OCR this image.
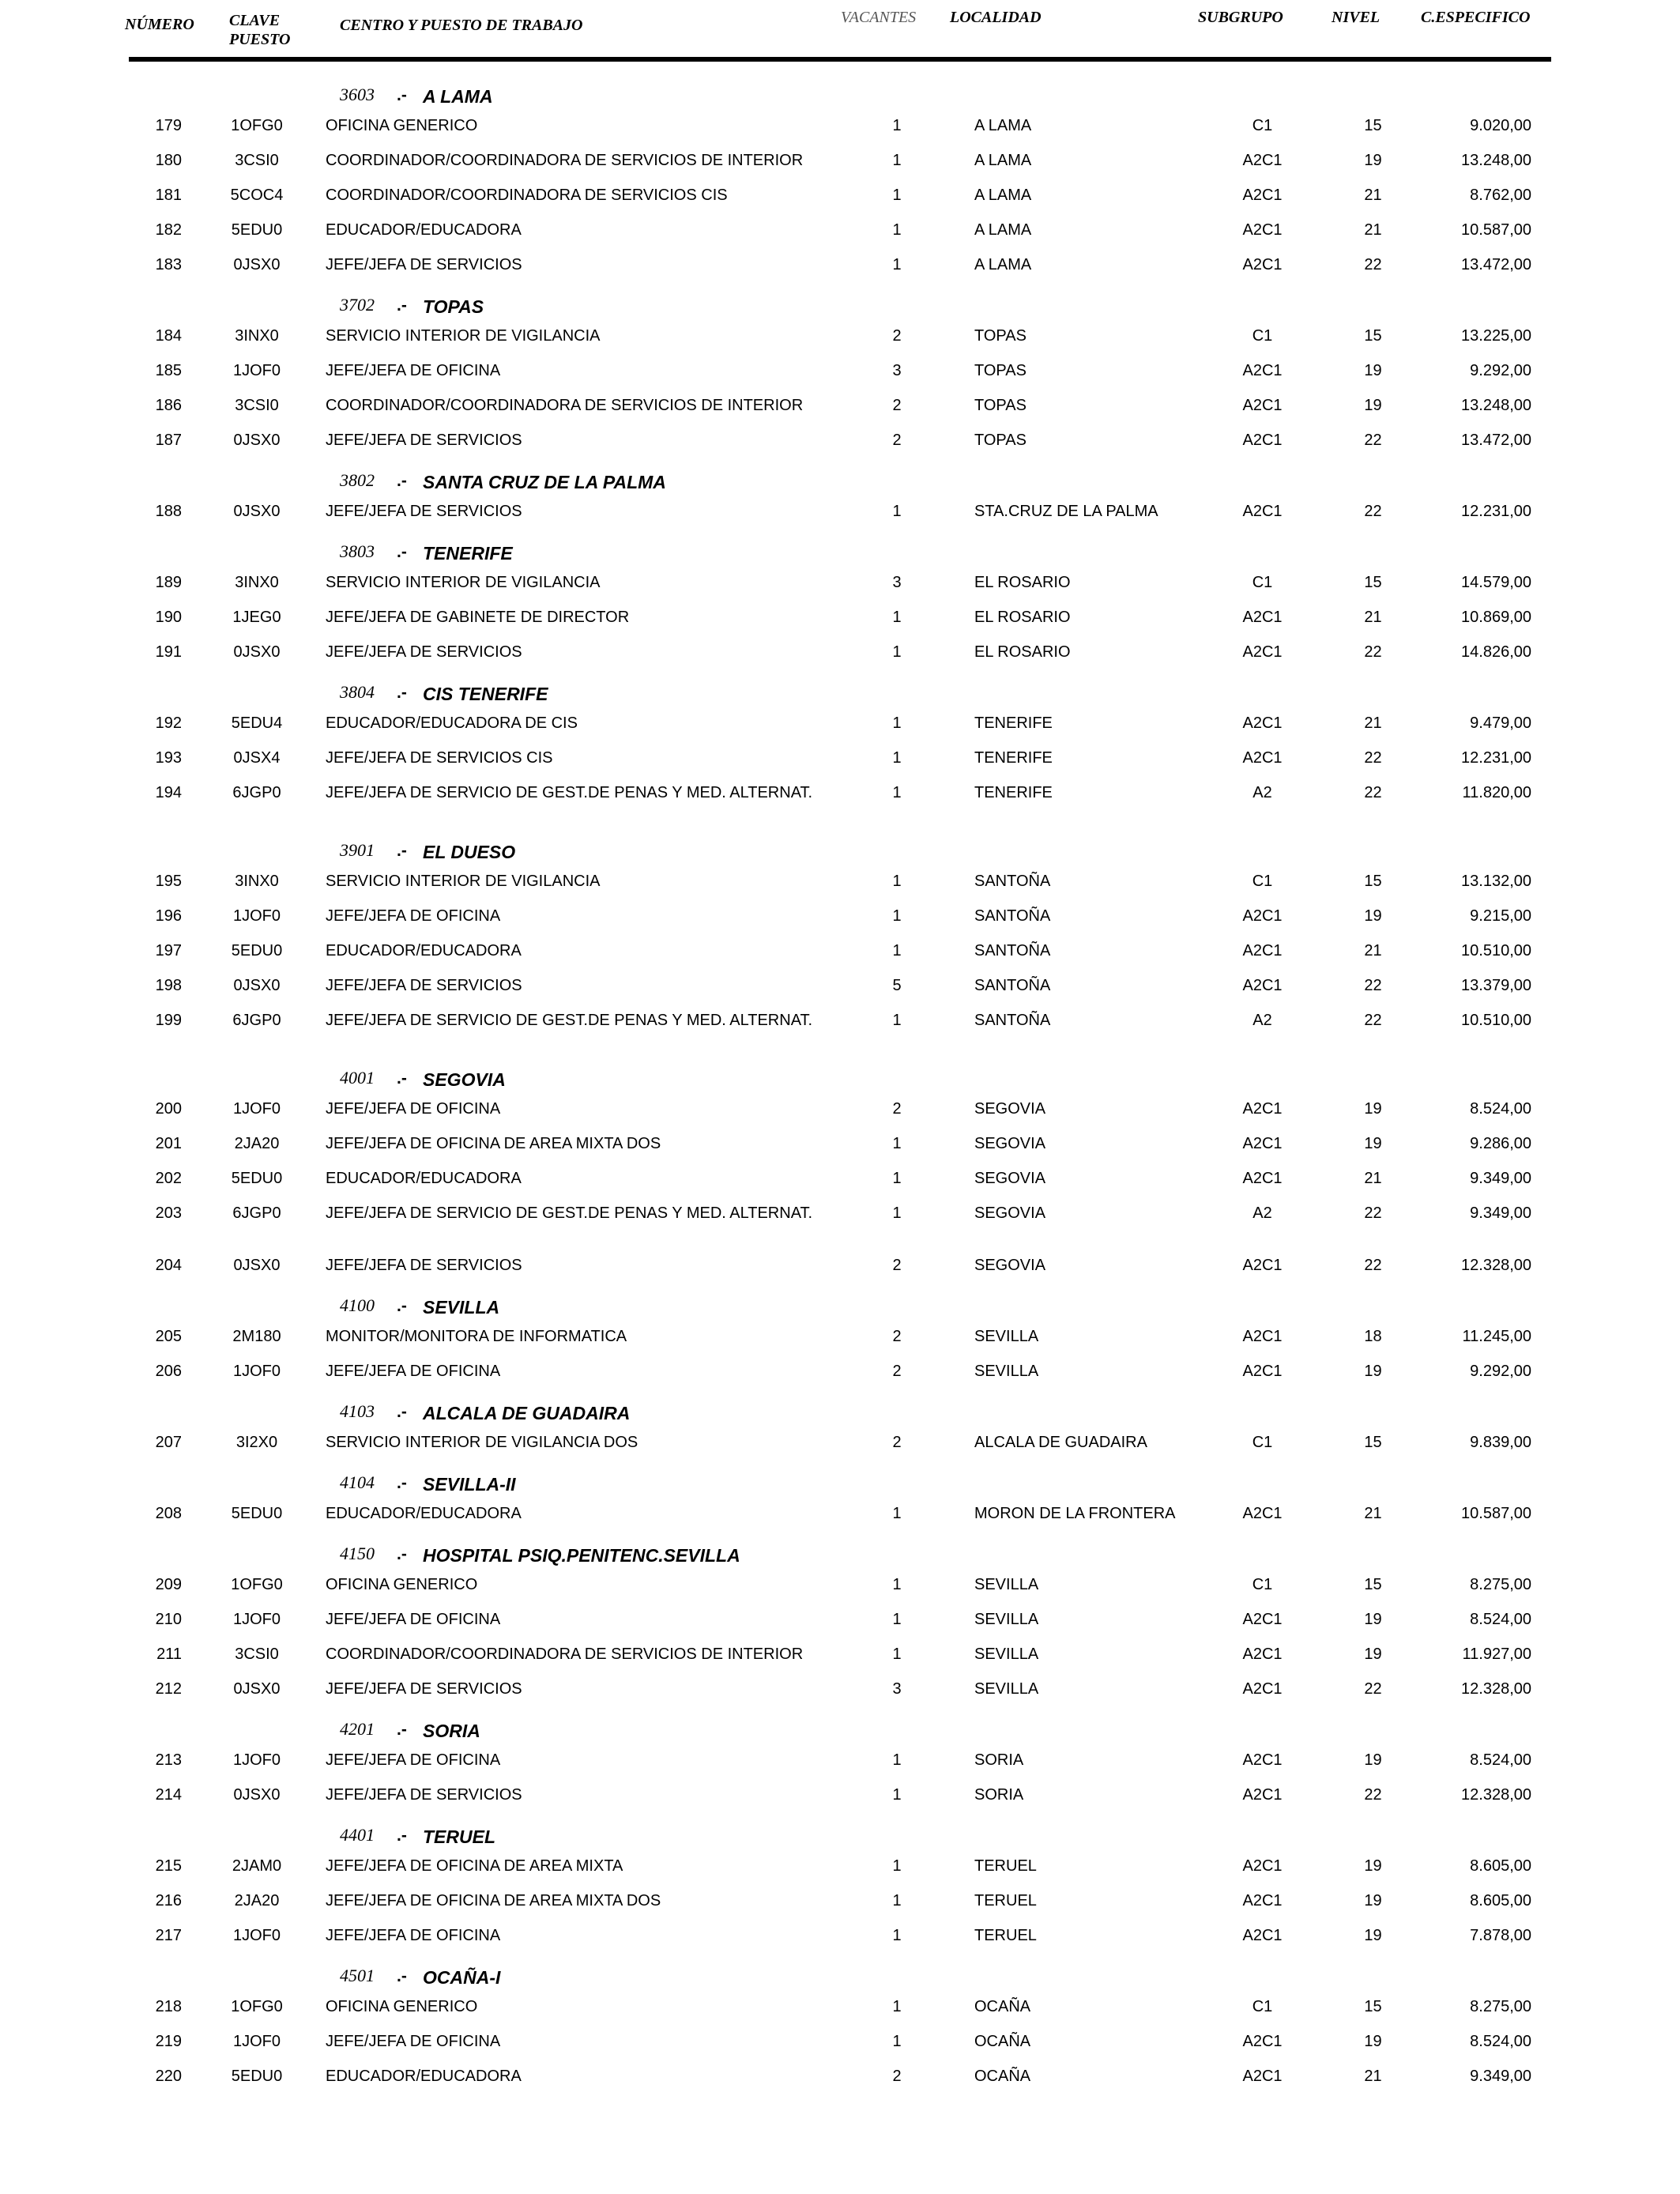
NÚMERO CLAVE
PUESTO
CENTRO Y PUESTO DE TRABAJO	VACANTES LOCALIDAD	SUBGRUPO	NIVEL	C.ESPECIFICO
3603 .- A LAMA
179	1OFG0	OFICINA GENERICO	1	A LAMA	C1	15	9.020,00
180	3CSI0	COORDINADOR/COORDINADORA DE SERVICIOS DE INTERIOR	1	A LAMA	A2C1	19	13.248,00
181	5COC4	COORDINADOR/COORDINADORA DE SERVICIOS CIS	1	A LAMA	A2C1	21	8.762,00
182	5EDU0	EDUCADOR/EDUCADORA	1	A LAMA	A2C1	21	10.587,00
183	0JSX0	JEFE/JEFA DE SERVICIOS	1	A LAMA	A2C1	22	13.472,00
3702 .- TOPAS
184	3INX0	SERVICIO INTERIOR DE VIGILANCIA	2	TOPAS	C1	15	13.225,00
185	1JOF0	JEFE/JEFA DE OFICINA	3	TOPAS	A2C1	19	9.292,00
186	3CSI0	COORDINADOR/COORDINADORA DE SERVICIOS DE INTERIOR	2	TOPAS	A2C1	19	13.248,00
187	0JSX0	JEFE/JEFA DE SERVICIOS	2	TOPAS	A2C1	22	13.472,00
3802 .- SANTA CRUZ DE LA PALMA
188	0JSX0	JEFE/JEFA DE SERVICIOS	1	STA.CRUZ DE LA PALMA	A2C1	22	12.231,00
3803 .- TENERIFE
189	3INX0	SERVICIO INTERIOR DE VIGILANCIA	3	EL ROSARIO	C1	15	14.579,00
190	1JEG0	JEFE/JEFA DE GABINETE DE DIRECTOR	1	EL ROSARIO	A2C1	21	10.869,00
191	0JSX0	JEFE/JEFA DE SERVICIOS	1	EL ROSARIO	A2C1	22	14.826,00
3804 .- CIS TENERIFE
192	5EDU4	EDUCADOR/EDUCADORA DE CIS	1	TENERIFE	A2C1	21	9.479,00
193	0JSX4	JEFE/JEFA DE SERVICIOS CIS	1	TENERIFE	A2C1	22	12.231,00
194	6JGP0	JEFE/JEFA DE SERVICIO DE GEST.DE PENAS Y MED. ALTERNAT.	1	TENERIFE	A2	22	11.820,00
3901 .- EL DUESO
195	3INX0	SERVICIO INTERIOR DE VIGILANCIA	1	SANTOÑA	C1	15	13.132,00
196	1JOF0	JEFE/JEFA DE OFICINA	1	SANTOÑA	A2C1	19	9.215,00
197	5EDU0	EDUCADOR/EDUCADORA	1	SANTOÑA	A2C1	21	10.510,00
198	0JSX0	JEFE/JEFA DE SERVICIOS	5	SANTOÑA	A2C1	22	13.379,00
199	6JGP0	JEFE/JEFA DE SERVICIO DE GEST.DE PENAS Y MED. ALTERNAT.	1	SANTOÑA	A2	22	10.510,00
4001 .- SEGOVIA
200	1JOF0	JEFE/JEFA DE OFICINA	2	SEGOVIA	A2C1	19	8.524,00
201	2JA20	JEFE/JEFA DE OFICINA DE AREA MIXTA DOS	1	SEGOVIA	A2C1	19	9.286,00
202	5EDU0	EDUCADOR/EDUCADORA	1	SEGOVIA	A2C1	21	9.349,00
203	6JGP0	JEFE/JEFA DE SERVICIO DE GEST.DE PENAS Y MED. ALTERNAT.	1	SEGOVIA	A2	22	9.349,00
204	0JSX0	JEFE/JEFA DE SERVICIOS	2	SEGOVIA	A2C1	22	12.328,00
4100 .- SEVILLA
205	2M180	MONITOR/MONITORA DE INFORMATICA	2	SEVILLA	A2C1	18	11.245,00
206	1JOF0	JEFE/JEFA DE OFICINA	2	SEVILLA	A2C1	19	9.292,00
4103 .- ALCALA DE GUADAIRA
207	3I2X0	SERVICIO INTERIOR DE VIGILANCIA DOS	2	ALCALA DE GUADAIRA	C1	15	9.839,00
4104 .- SEVILLA-II
208	5EDU0	EDUCADOR/EDUCADORA	1	MORON DE LA FRONTERA	A2C1	21	10.587,00
4150 .- HOSPITAL PSIQ.PENITENC.SEVILLA
209	1OFG0	OFICINA GENERICO	1	SEVILLA	C1	15	8.275,00
210	1JOF0	JEFE/JEFA DE OFICINA	1	SEVILLA	A2C1	19	8.524,00
211	3CSI0	COORDINADOR/COORDINADORA DE SERVICIOS DE INTERIOR	1	SEVILLA	A2C1	19	11.927,00
212	0JSX0	JEFE/JEFA DE SERVICIOS	3	SEVILLA	A2C1	22	12.328,00
4201 .- SORIA
213	1JOF0	JEFE/JEFA DE OFICINA	1	SORIA	A2C1	19	8.524,00
214	0JSX0	JEFE/JEFA DE SERVICIOS	1	SORIA	A2C1	22	12.328,00
4401 .- TERUEL
215	2JAM0	JEFE/JEFA DE OFICINA DE AREA MIXTA	1	TERUEL	A2C1	19	8.605,00
216	2JA20	JEFE/JEFA DE OFICINA DE AREA MIXTA DOS	1	TERUEL	A2C1	19	8.605,00
217	1JOF0	JEFE/JEFA DE OFICINA	1	TERUEL	A2C1	19	7.878,00
4501 .- OCAÑA-I
218	1OFG0	OFICINA GENERICO	1	OCAÑA	C1	15	8.275,00
219	1JOF0	JEFE/JEFA DE OFICINA	1	OCAÑA	A2C1	19	8.524,00
220	5EDU0	EDUCADOR/EDUCADORA	2	OCAÑA	A2C1	21	9.349,00
